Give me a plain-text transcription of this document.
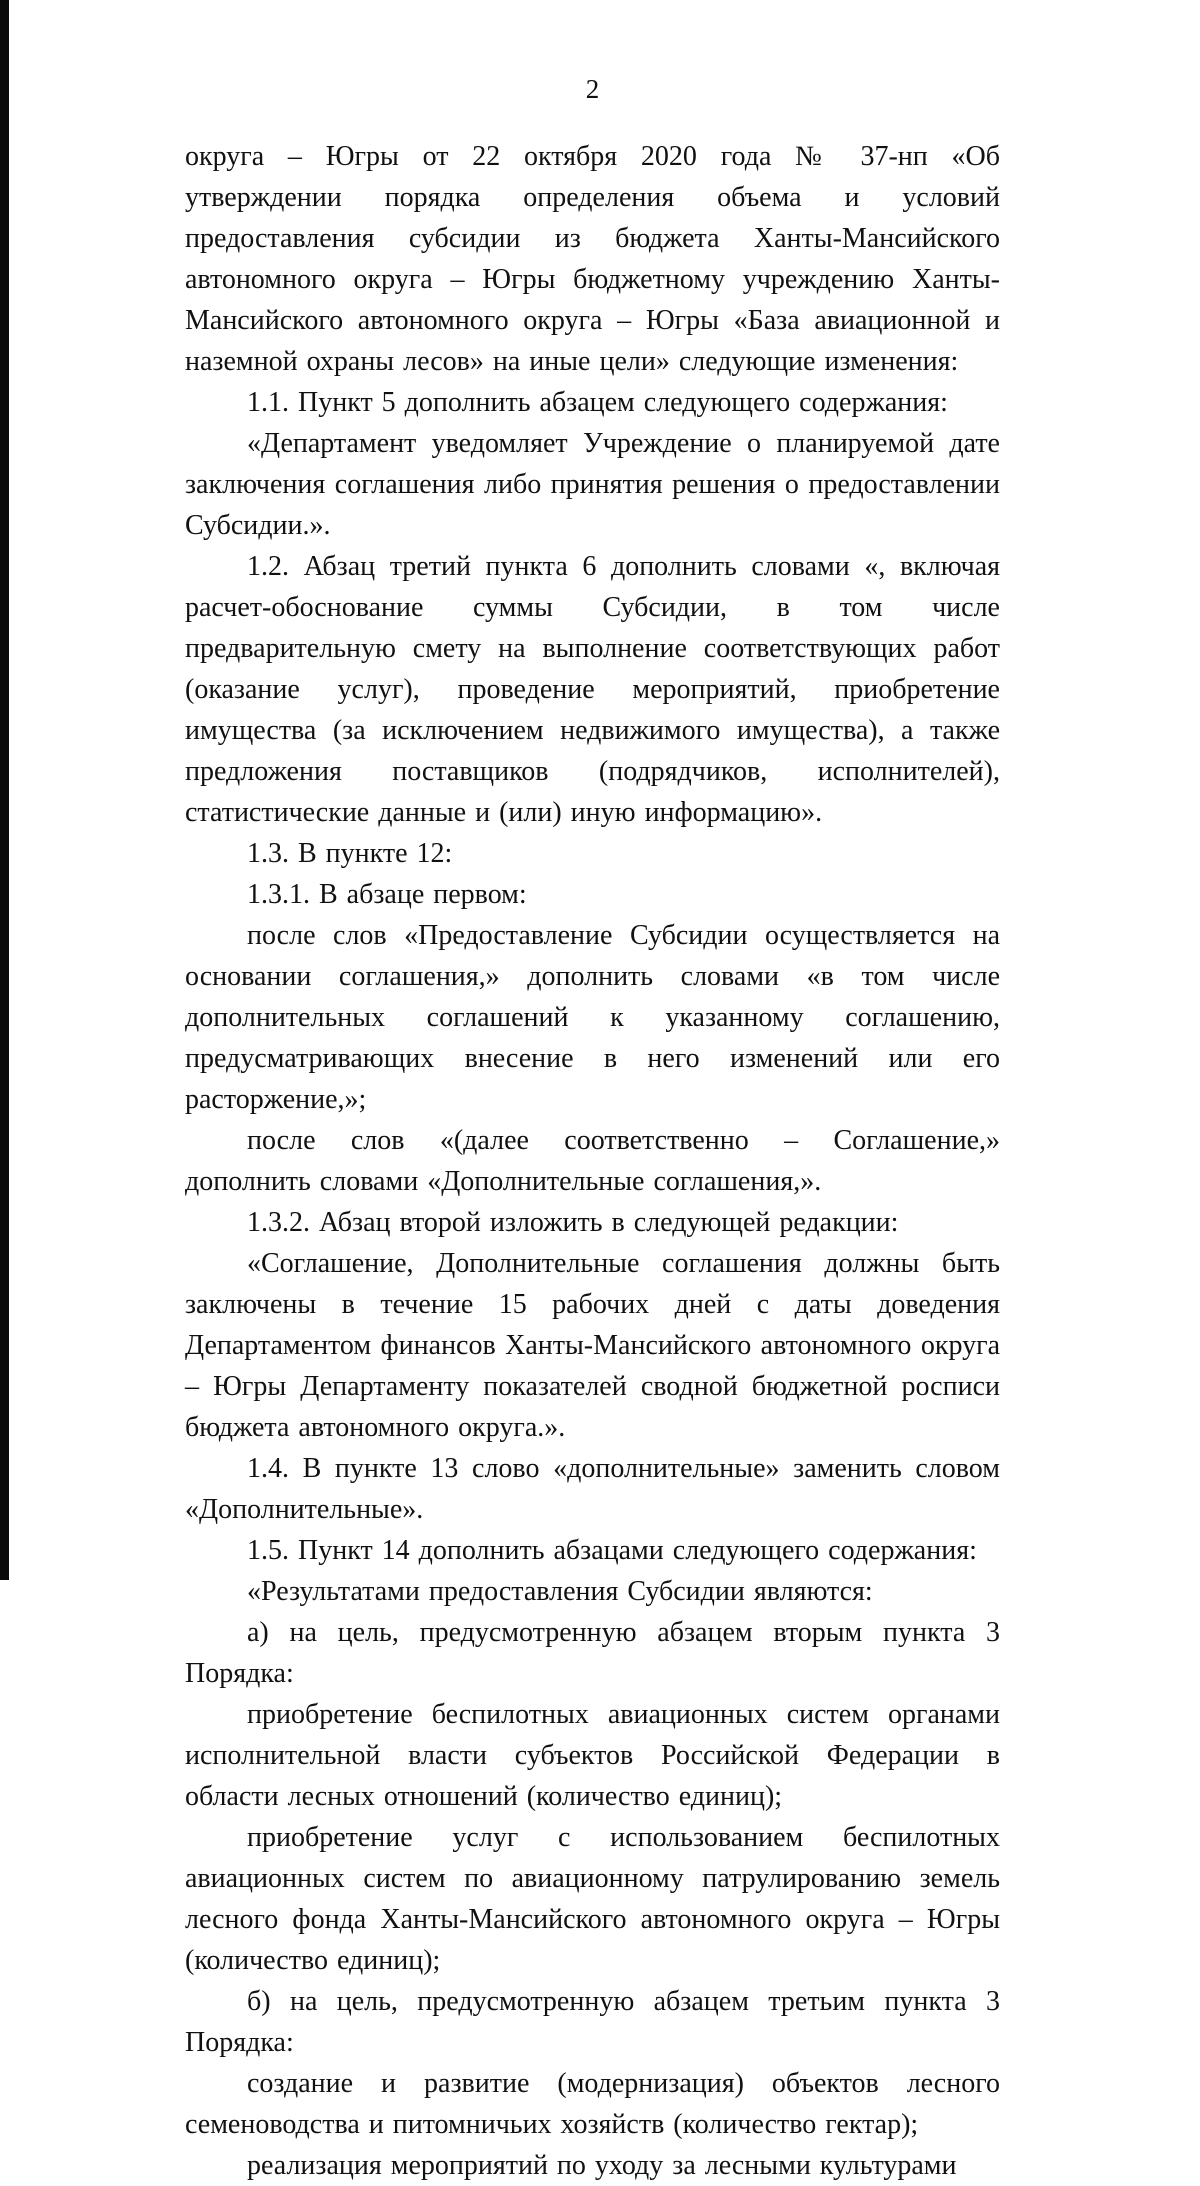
2

округа – Югры от 22 октября 2020 года № 37-нп «Об утверждении порядка определения объема и условий предоставления субсидии из бюджета Ханты-Мансийского автономного округа – Югры бюджетному учреждению Ханты-Мансийского автономного округа – Югры «База авиационной и наземной охраны лесов» на иные цели» следующие изменения:

1.1. Пункт 5 дополнить абзацем следующего содержания:

«Департамент уведомляет Учреждение о планируемой дате заключения соглашения либо принятия решения о предоставлении Субсидии.».

1.2. Абзац третий пункта 6 дополнить словами «, включая расчет-обоснование суммы Субсидии, в том числе предварительную смету на выполнение соответствующих работ (оказание услуг), проведение мероприятий, приобретение имущества (за исключением недвижимого имущества), а также предложения поставщиков (подрядчиков, исполнителей), статистические данные и (или) иную информацию».

1.3. В пункте 12:

1.3.1. В абзаце первом:

после слов «Предоставление Субсидии осуществляется на основании соглашения,» дополнить словами «в том числе дополнительных соглашений к указанному соглашению, предусматривающих внесение в него изменений или его расторжение,»;

после слов «(далее соответственно – Соглашение,» дополнить словами «Дополнительные соглашения,».

1.3.2. Абзац второй изложить в следующей редакции:

«Соглашение, Дополнительные соглашения должны быть заключены в течение 15 рабочих дней с даты доведения Департаментом финансов Ханты-Мансийского автономного округа – Югры Департаменту показателей сводной бюджетной росписи бюджета автономного округа.».

1.4. В пункте 13 слово «дополнительные» заменить словом «Дополнительные».

1.5. Пункт 14 дополнить абзацами следующего содержания:

«Результатами предоставления Субсидии являются:

а) на цель, предусмотренную абзацем вторым пункта 3 Порядка:

приобретение беспилотных авиационных систем органами исполнительной власти субъектов Российской Федерации в области лесных отношений (количество единиц);

приобретение услуг с использованием беспилотных авиационных систем по авиационному патрулированию земель лесного фонда Ханты-Мансийского автономного округа – Югры (количество единиц);

б) на цель, предусмотренную абзацем третьим пункта 3 Порядка:

создание и развитие (модернизация) объектов лесного семеноводства и питомничьих хозяйств (количество гектар);

реализация мероприятий по уходу за лесными культурами
